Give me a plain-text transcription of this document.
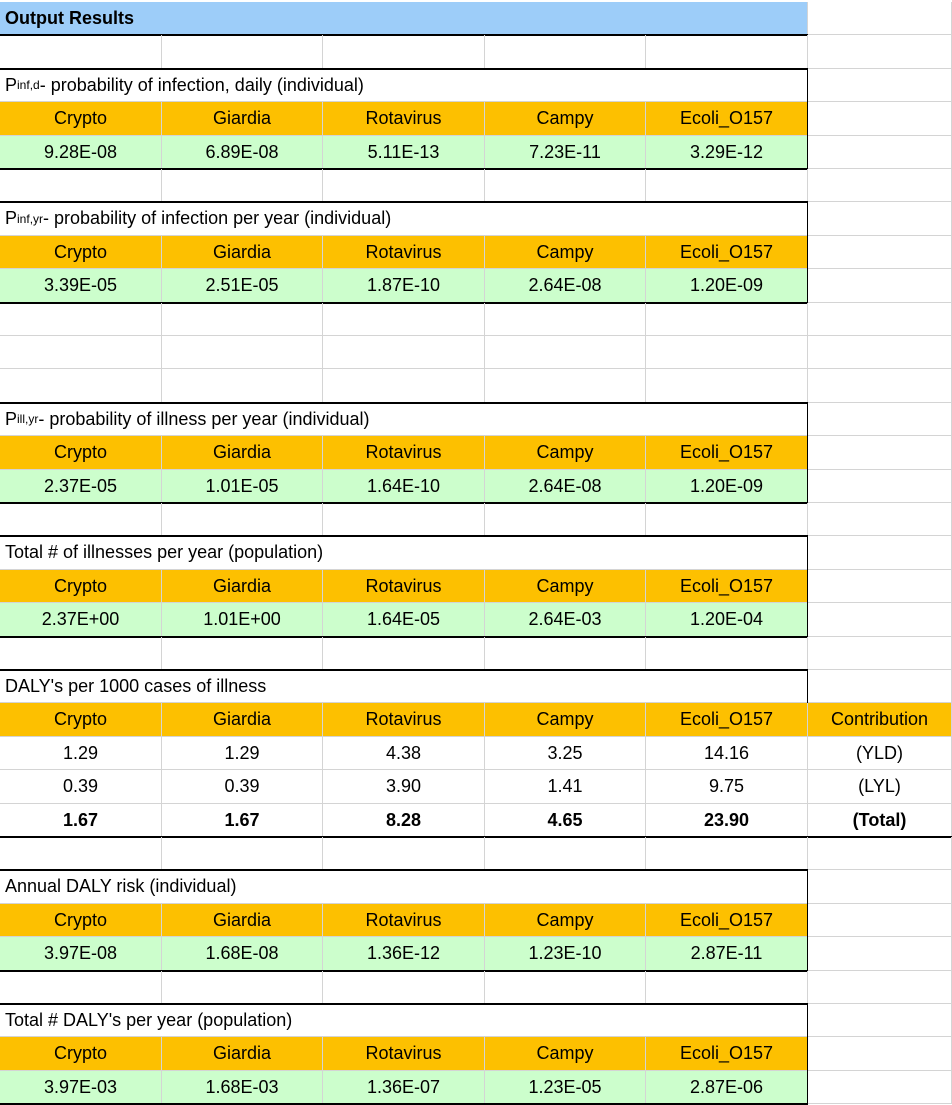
Output Results
P inf,d - probability of infection, daily (individual)
Crypto	Giardia	Rotavirus	Campy	Ecoli_O157
9.28E-08	6.89E-08	5.11E-13	7.23E-11	3.29E-12
P inf,yr - probability of infection per year (individual)
Crypto	Giardia	Rotavirus	Campy	Ecoli_O157
3.39E-05	2.51E-05	1.87E-10	2.64E-08	1.20E-09
P ill,yr - probability of illness per year (individual)
Crypto	Giardia	Rotavirus	Campy	Ecoli_O157
2.37E-05	1.01E-05	1.64E-10	2.64E-08	1.20E-09
Total # of illnesses per year (population)
Crypto	Giardia	Rotavirus	Campy	Ecoli_O157
2.37E+00	1.01E+00	1.64E-05	2.64E-03	1.20E-04
DALY's per 1000 cases of illness
Crypto	Giardia	Rotavirus	Campy	Ecoli_O157	Contribution
1.29	1.29	4.38	3.25	14.16	(YLD)
0.39	0.39	3.90	1.41	9.75	(LYL)
1.67	1.67	8.28	4.65	23.90	(Total)
Annual DALY risk (individual)
Crypto	Giardia	Rotavirus	Campy	Ecoli_O157
3.97E-08	1.68E-08	1.36E-12	1.23E-10	2.87E-11
Total # DALY's per year (population)
Crypto	Giardia	Rotavirus	Campy	Ecoli_O157
3.97E-03	1.68E-03	1.36E-07	1.23E-05	2.87E-06
